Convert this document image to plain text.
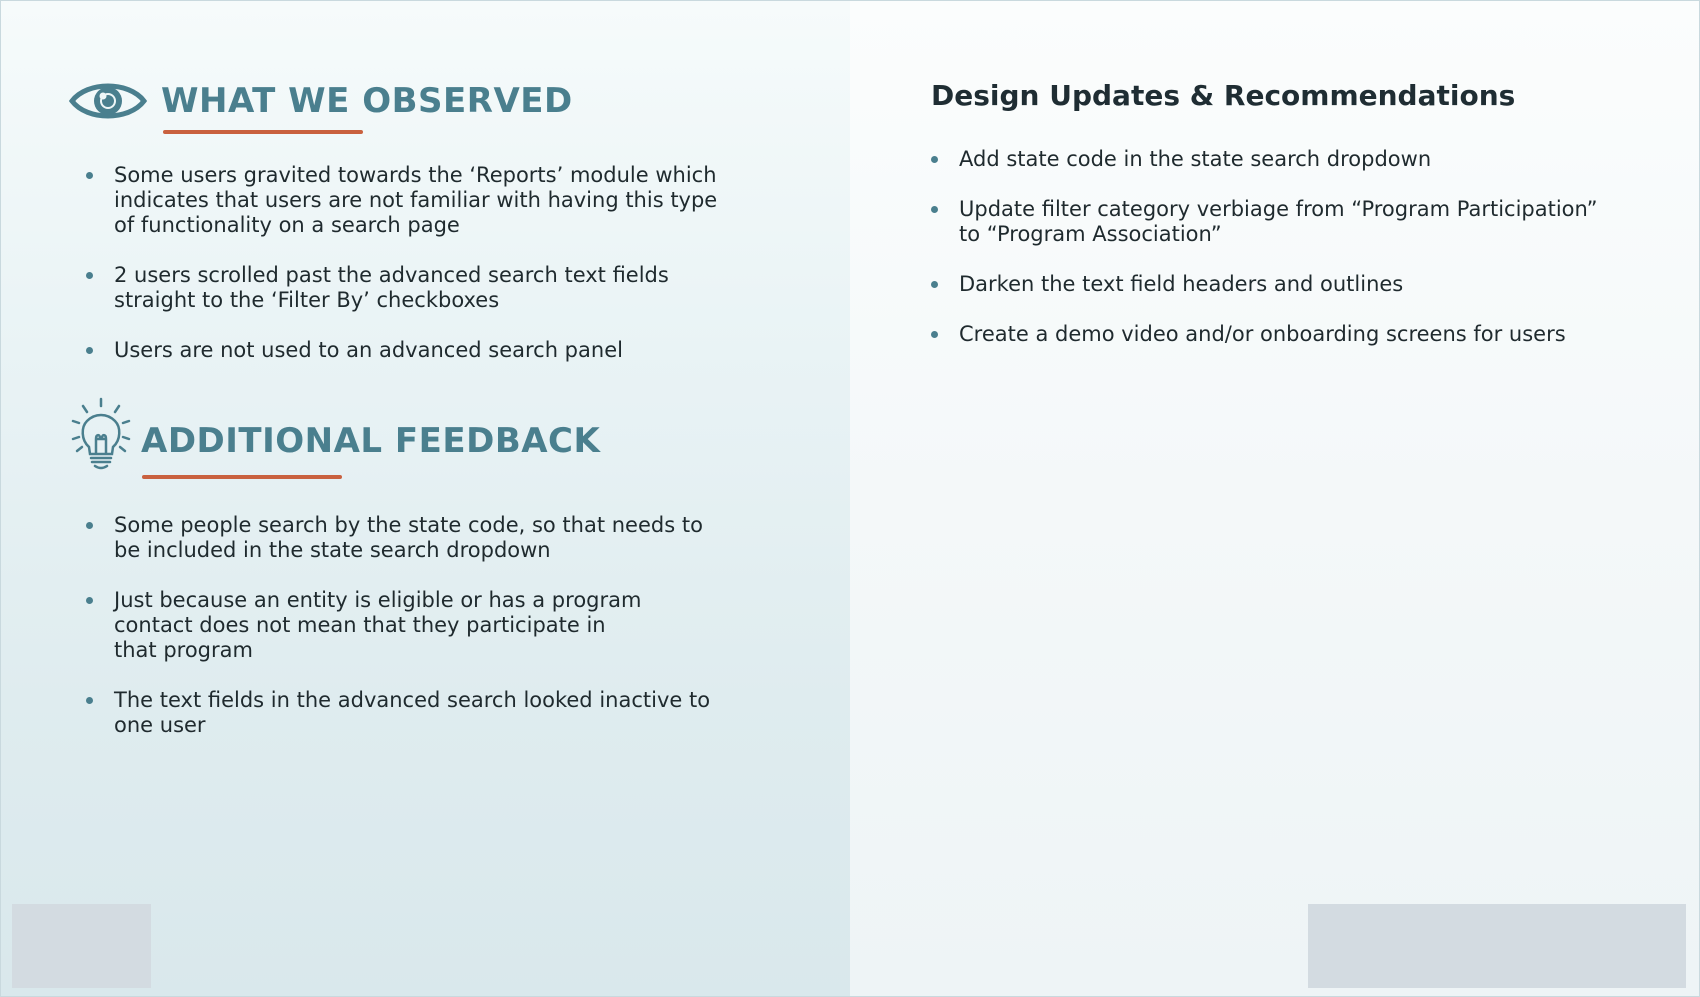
WHAT WE OBSERVED
Some users gravited towards the ‘Reports’ module which indicates that users are not familiar with having this type of functionality on a search page
2 users scrolled past the advanced search text fields straight to the ‘Filter By’ checkboxes
Users are not used to an advanced search panel
ADDITIONAL FEEDBACK
Some people search by the state code, so that needs to be included in the state search dropdown
Just because an entity is eligible or has a program contact does not mean that they participate in that program
The text fields in the advanced search looked inactive to one user
Design Updates & Recommendations
Add state code in the state search dropdown
Update filter category verbiage from “Program Participation” to “Program Association”
Darken the text field headers and outlines
Create a demo video and/or onboarding screens for users
